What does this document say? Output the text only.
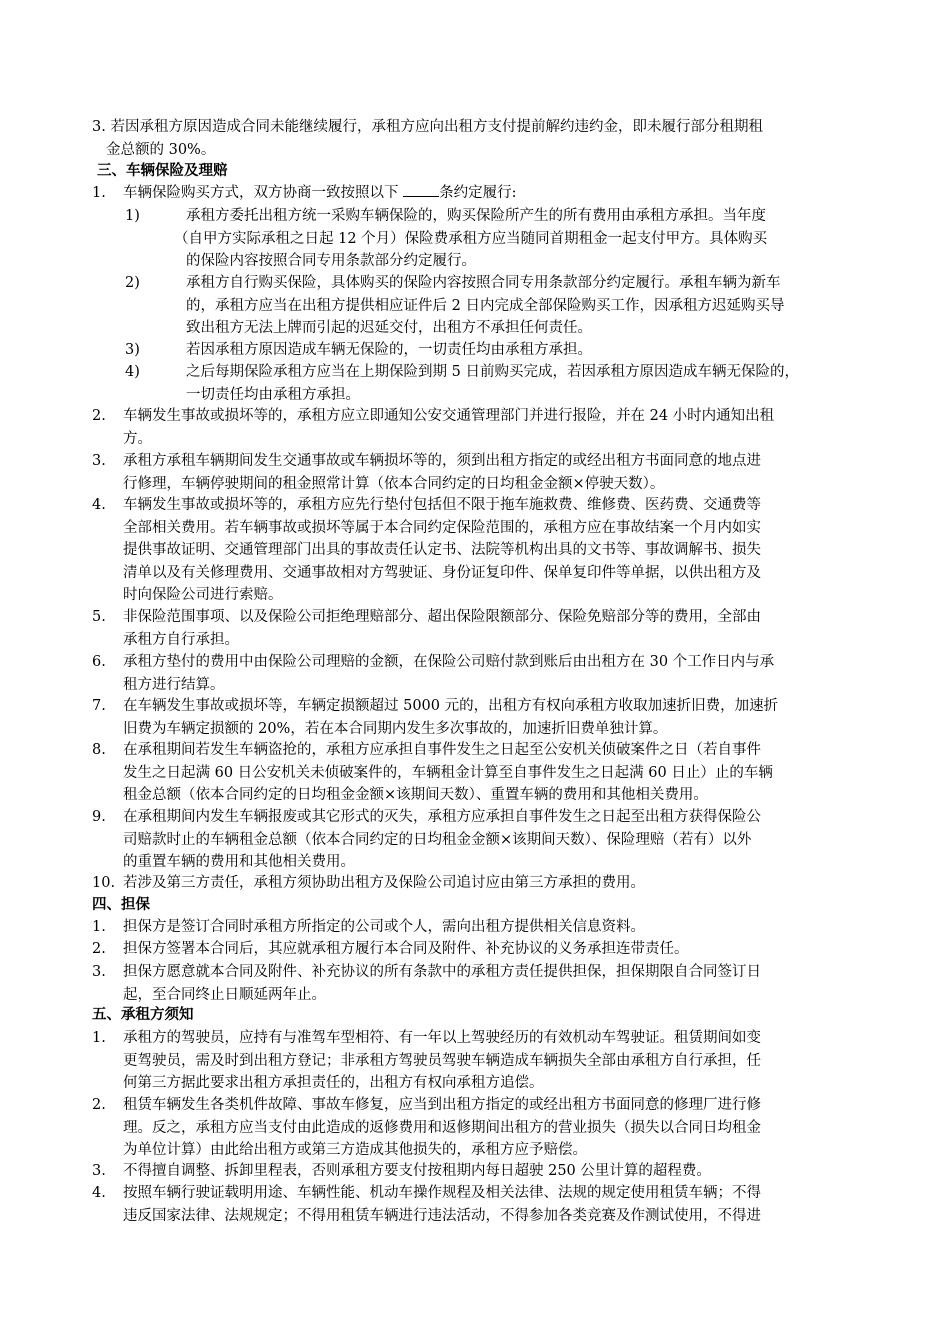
3. 若因承租方原因造成合同未能继续履行，承租方应向出租方支付提前解约违约金，即未履行部分租期租
金总额的 30%。
三、车辆保险及理赔
1.	车辆保险购买方式，双方协商一致按照以下 条约定履行:
1)	承租方委托出租方统一采购车辆保险的，购买保险所产生的所有费用由承租方承担。当年度
（自甲方实际承租之日起 12 个月）保险费承租方应当随同首期租金一起支付甲方。具体购买
的保险内容按照合同专用条款部分约定履行。
2)	承租方自行购买保险，具体购买的保险内容按照合同专用条款部分约定履行。承租车辆为新车
的，承租方应当在出租方提供相应证件后 2 日内完成全部保险购买工作，因承租方迟延购买导
致出租方无法上牌而引起的迟延交付，出租方不承担任何责任。
3)	若因承租方原因造成车辆无保险的，一切责任均由承租方承担。
4)	之后每期保险承租方应当在上期保险到期 5 日前购买完成，若因承租方原因造成车辆无保险的，
一切责任均由承租方承担。
2.	车辆发生事故或损坏等的，承租方应立即通知公安交通管理部门并进行报险，并在 24 小时内通知出租
方。
3.	承租方承租车辆期间发生交通事故或车辆损坏等的，须到出租方指定的或经出租方书面同意的地点进
行修理，车辆停驶期间的租金照常计算（依本合同约定的日均租金金额×停驶天数）。
4.	车辆发生事故或损坏等的，承租方应先行垫付包括但不限于拖车施救费、维修费、医药费、交通费等
全部相关费用。若车辆事故或损坏等属于本合同约定保险范围的，承租方应在事故结案一个月内如实
提供事故证明、交通管理部门出具的事故责任认定书、法院等机构出具的文书等、事故调解书、损失
清单以及有关修理费用、交通事故相对方驾驶证、身份证复印件、保单复印件等单据，以供出租方及
时向保险公司进行索赔。
5.	非保险范围事项、以及保险公司拒绝理赔部分、超出保险限额部分、保险免赔部分等的费用，全部由
承租方自行承担。
6.	承租方垫付的费用中由保险公司理赔的金额，在保险公司赔付款到账后由出租方在 30 个工作日内与承
租方进行结算。
7.	在车辆发生事故或损坏等，车辆定损额超过 5000 元的，出租方有权向承租方收取加速折旧费，加速折
旧费为车辆定损额的 20%，若在本合同期内发生多次事故的，加速折旧费单独计算。
8.	在承租期间若发生车辆盗抢的，承租方应承担自事件发生之日起至公安机关侦破案件之日（若自事件
发生之日起满 60 日公安机关未侦破案件的，车辆租金计算至自事件发生之日起满 60 日止）止的车辆
租金总额（依本合同约定的日均租金金额×该期间天数）、重置车辆的费用和其他相关费用。
9.	在承租期间内发生车辆报废或其它形式的灭失，承租方应承担自事件发生之日起至出租方获得保险公
司赔款时止的车辆租金总额（依本合同约定的日均租金金额×该期间天数）、保险理赔（若有）以外
的重置车辆的费用和其他相关费用。
10. 若涉及第三方责任，承租方须协助出租方及保险公司追讨应由第三方承担的费用。
四、担保
1.	担保方是签订合同时承租方所指定的公司或个人，需向出租方提供相关信息资料。
2.	担保方签署本合同后，其应就承租方履行本合同及附件、补充协议的义务承担连带责任。
3.	担保方愿意就本合同及附件、补充协议的所有条款中的承租方责任提供担保，担保期限自合同签订日
起，至合同终止日顺延两年止。
五、承租方须知
1.	承租方的驾驶员，应持有与准驾车型相符、有一年以上驾驶经历的有效机动车驾驶证。租赁期间如变
更驾驶员，需及时到出租方登记；非承租方驾驶员驾驶车辆造成车辆损失全部由承租方自行承担，任
何第三方据此要求出租方承担责任的，出租方有权向承租方追偿。
2.	租赁车辆发生各类机件故障、事故车修复，应当到出租方指定的或经出租方书面同意的修理厂进行修
理。反之，承租方应当支付由此造成的返修费用和返修期间出租方的营业损失（损失以合同日均租金
为单位计算）由此给出租方或第三方造成其他损失的，承租方应予赔偿。
3.	不得擅自调整、拆卸里程表，否则承租方要支付按租期内每日超驶 250 公里计算的超程费。
4.	按照车辆行驶证载明用途、车辆性能、机动车操作规程及相关法律、法规的规定使用租赁车辆；不得
违反国家法律、法规规定；不得用租赁车辆进行违法活动，不得参加各类竞赛及作测试使用，不得进
